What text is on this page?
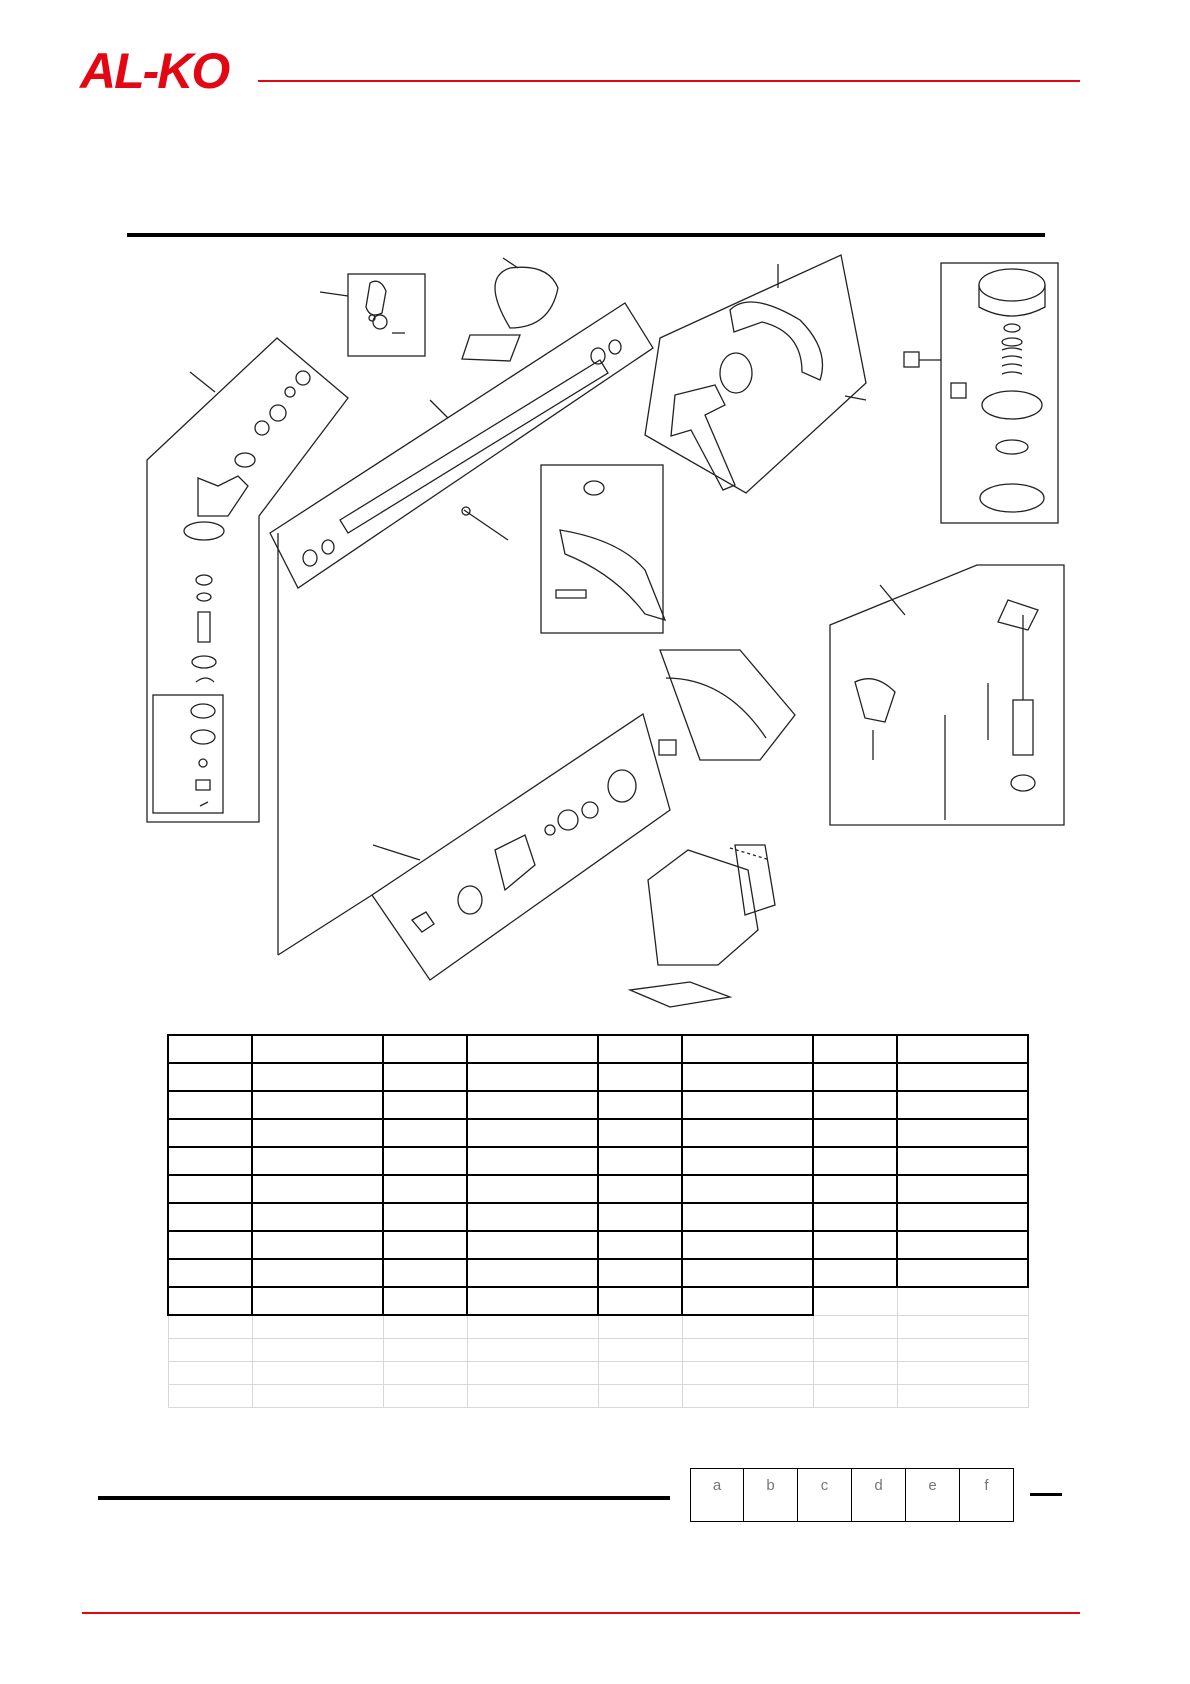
AL-KO

a	b	c	d	e	f
